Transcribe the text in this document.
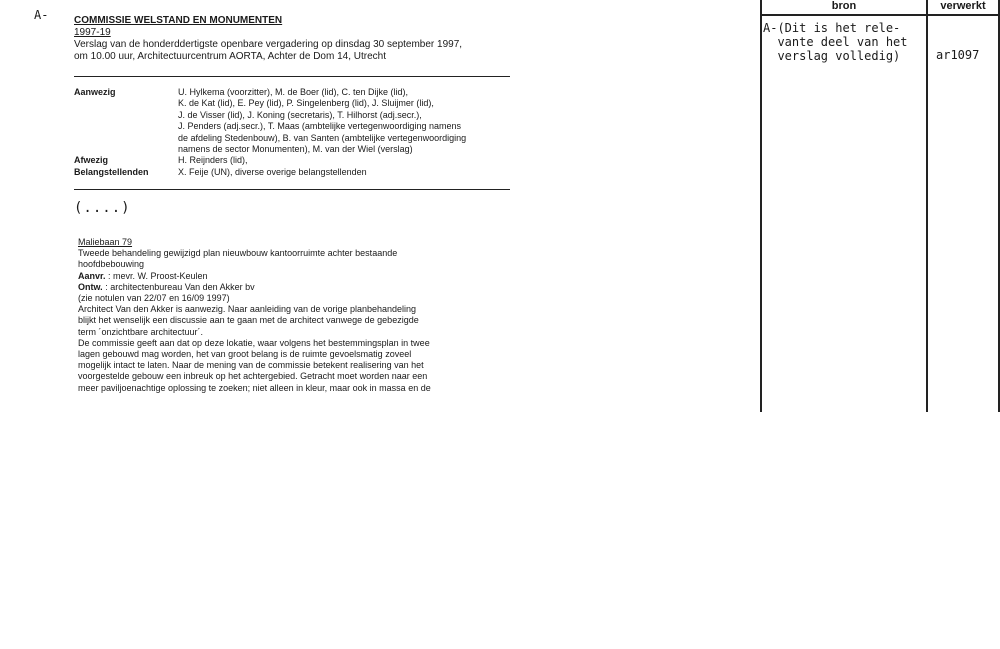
A-	COMMISSIE WELSTAND EN MONUMENTEN
1997-19
Verslag van de honderddertigste openbare vergadering op dinsdag 30 september 1997,
om 10.00 uur, Architectuurcentrum AORTA, Achter de Dom 14, Utrecht
Aanwezig	U. Hylkema (voorzitter), M. de Boer (lid), C. ten Dijke (lid),
K. de Kat (lid), E. Pey (lid), P. Singelenberg (lid), J. Sluijmer (lid),
J. de Visser (lid), J. Koning (secretaris), T. Hilhorst (adj.secr.),
J. Penders (adj.secr.), T. Maas (ambtelijke vertegenwoordiging namens
de afdeling Stedenbouw), B. van Santen (ambtelijke vertegenwoordiging
namens de sector Monumenten), M. van der Wiel (verslag)
Afwezig	H. Reijnders (lid),
Belangstellenden	X. Feije (UN), diverse overige belangstellenden
(....)
Maliebaan 79
Tweede behandeling gewijzigd plan nieuwbouw kantoorruimte achter bestaande
hoofdbebouwing
Aanvr. : mevr. W. Proost-Keulen
Ontw. : architectenbureau Van den Akker bv
(zie notulen van 22/07 en 16/09 1997)
Architect Van den Akker is aanwezig. Naar aanleiding van de vorige planbehandeling
blijkt het wenselijk een discussie aan te gaan met de architect vanwege de gebezigde
term ´onzichtbare architectuur´.
De commissie geeft aan dat op deze lokatie, waar volgens het bestemmingsplan in twee
lagen gebouwd mag worden, het van groot belang is de ruimte gevoelsmatig zoveel
mogelijk intact te laten. Naar de mening van de commissie betekent realisering van het
voorgestelde gebouw een inbreuk op het achtergebied. Getracht moet worden naar een
meer paviljoenachtige oplossing te zoeken; niet alleen in kleur, maar ook in massa en de
bron	verwerkt
A-(Dit is het rele-
vante deel van het
verslag volledig)	ar1097
